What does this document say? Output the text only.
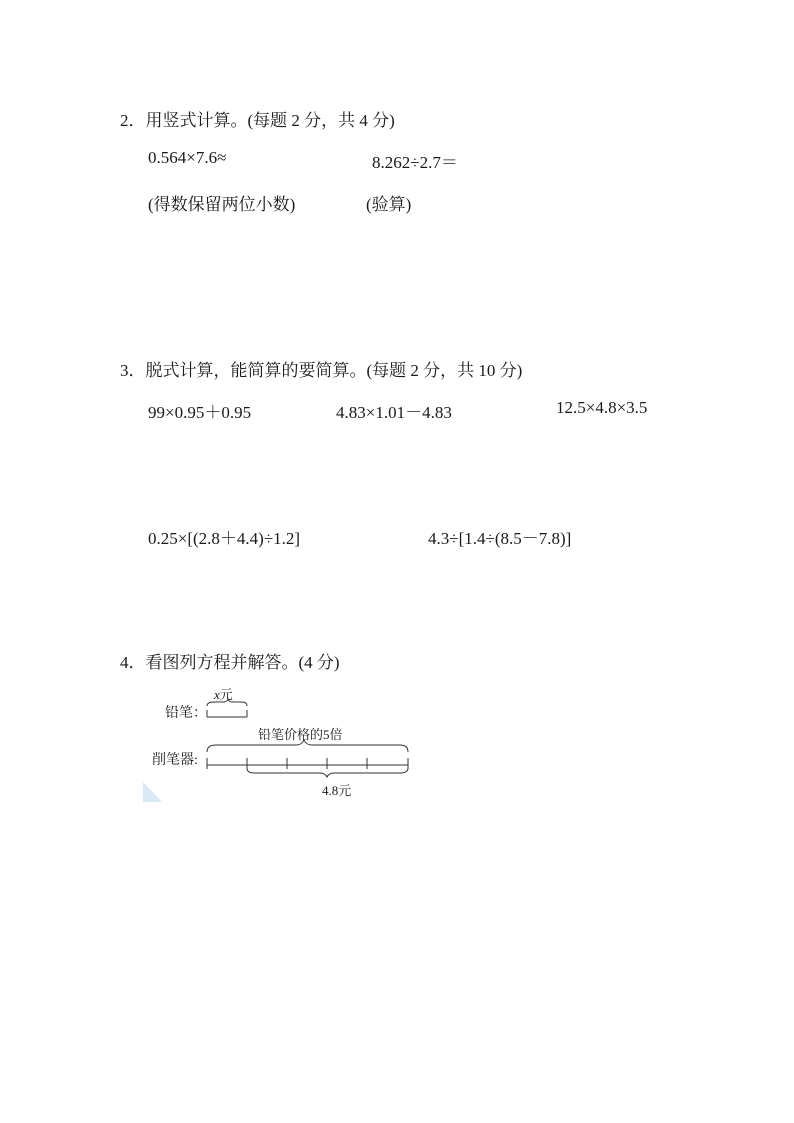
2．用竖式计算。(每题 2 分，共 4 分)
0.564×7.6≈	8.262÷2.7＝
(得数保留两位小数)	(验算)
3．脱式计算，能简算的要简算。(每题 2 分，共 10 分)
99×0.95＋0.95	4.83×1.01－4.83	12.5×4.8×3.5
0.25×[(2.8＋4.4)÷1.2]	4.3÷[1.4÷(8.5－7.8)]
4．看图列方程并解答。(4 分)
x元
铅笔：
铅笔价格的5倍
削笔器:
4.8元
